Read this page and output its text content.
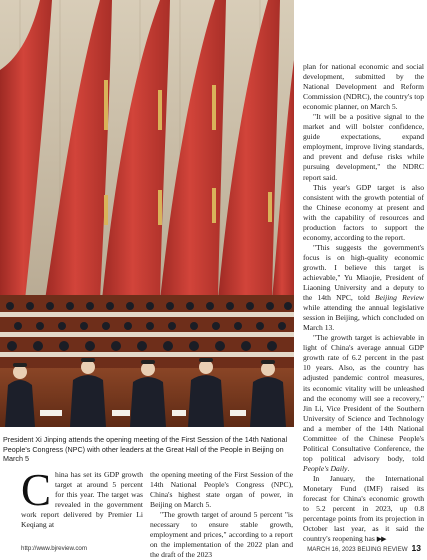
President Xi Jinping attends the opening meeting of the First Session of the 14th National People's Congress (NPC) with other leaders at the Great Hall of the People in Beijing on March 5

C hina has set its GDP growth target at around 5 percent for this year. The target was revealed in the government work report delivered by Premier Li Keqiang at

the opening meeting of the First Session of the 14th National People's Congress (NPC), China's highest state organ of power, in Beijing on March 5.

"The growth target of around 5 percent "is necessary to ensure stable growth, employment and prices," according to a report on the implementation of the 2022 plan and the draft of the 2023

plan for national economic and social development, submitted by the National Development and Reform Commission (NDRC), the country's top economic planner, on March 5.

"It will be a positive signal to the market and will bolster confidence, guide expectations, expand employment, improve living standards, and prevent and defuse risks while pursuing development," the NDRC report said.

This year's GDP target is also consistent with the growth potential of the Chinese economy at present and with the capability of resources and production factors to support the economy, according to the report.

"This suggests the government's focus is on high-quality economic growth. I believe this target is achievable," Yu Miaojie, President of Liaoning University and a deputy to the 14th NPC, told Beijing Review while attending the annual legislative session in Beijing, which concluded on March 13.

"The growth target is achievable in light of China's average annual GDP growth rate of 6.2 percent in the past 10 years. Also, as the country has adjusted pandemic control measures, its economic vitality will be unleashed and the economy will see a recovery," Jin Li, Vice President of the Southern University of Science and Technology and a member of the 14th National Committee of the Chinese People's Political Consultative Conference, the top political advisory body, told People's Daily.

In January, the International Monetary Fund (IMF) raised its forecast for China's economic growth to 5.2 percent in 2023, up 0.8 percentage points from its projection in October last year, as it said the country's reopening has ▶▶

http://www.bjreview.com	MARCH 16, 2023 BEIJING REVIEW 13
